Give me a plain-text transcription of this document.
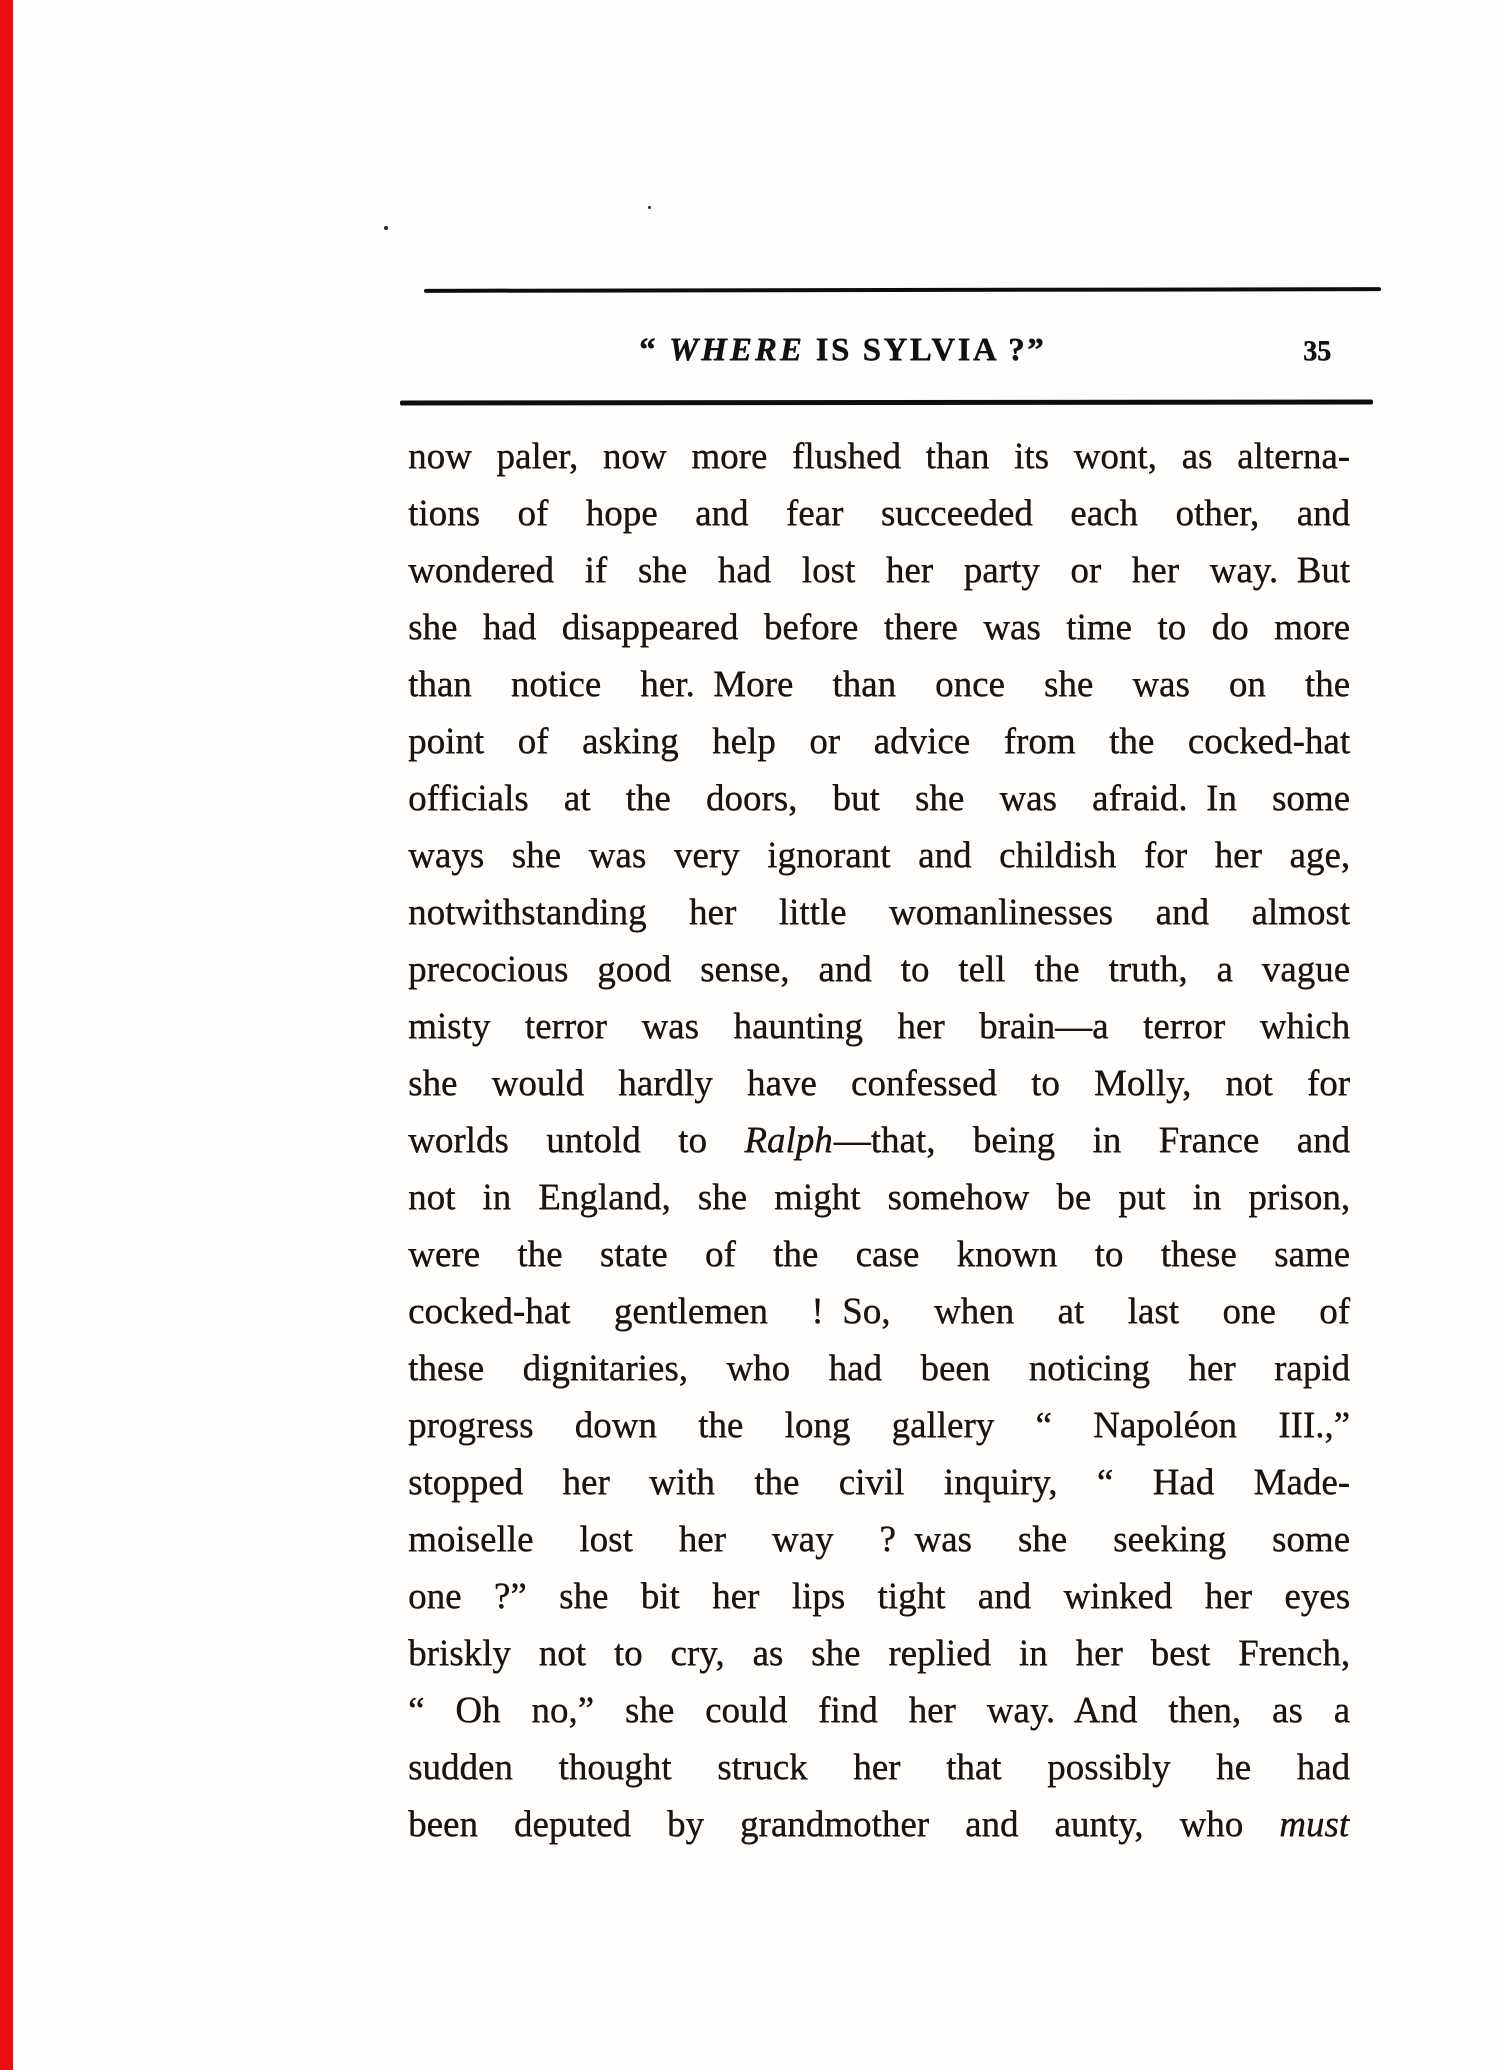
“ WHERE IS SYLVIA ?”	35
now paler, now more flushed than its wont, as alterna-
tions of hope and fear succeeded each other, and
wondered if she had lost her party or her way. But
she had disappeared before there was time to do more
than notice her. More than once she was on the
point of asking help or advice from the cocked-hat
officials at the doors, but she was afraid. In some
ways she was very ignorant and childish for her age,
notwithstanding her little womanlinesses and almost
precocious good sense, and to tell the truth, a vague
misty terror was haunting her brain—a terror which
she would hardly have confessed to Molly, not for
worlds untold to Ralph—that, being in France and
not in England, she might somehow be put in prison,
were the state of the case known to these same
cocked-hat gentlemen ! So, when at last one of
these dignitaries, who had been noticing her rapid
progress down the long gallery “ Napoléon III.,”
stopped her with the civil inquiry, “ Had Made-
moiselle lost her way ? was she seeking some
one ?” she bit her lips tight and winked her eyes
briskly not to cry, as she replied in her best French,
“ Oh no,” she could find her way. And then, as a
sudden thought struck her that possibly he had
been deputed by grandmother and aunty, who must
